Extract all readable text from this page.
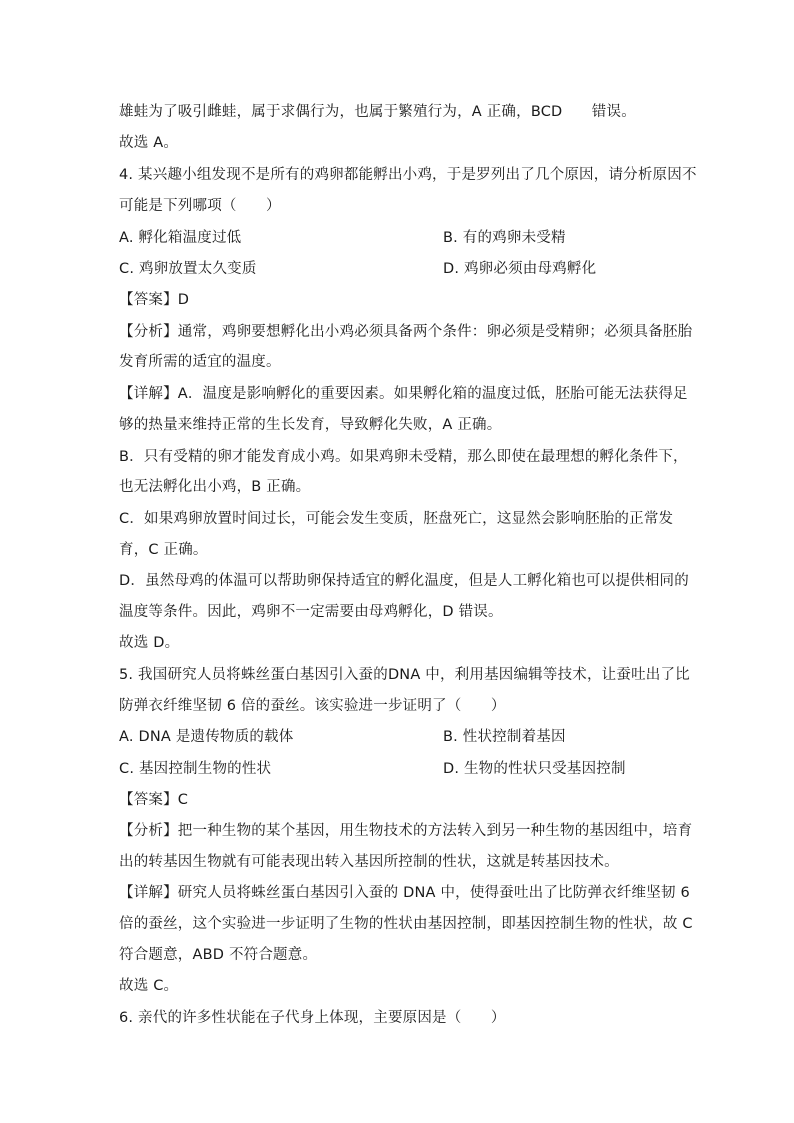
雄蛙为了吸引雌蛙，属于求偶行为，也属于繁殖行为，A 正确，BCD　　错误。
故选 A。
4. 某兴趣小组发现不是所有的鸡卵都能孵出小鸡，于是罗列出了几个原因，请分析原因不
可能是下列哪项（　　）
A. 孵化箱温度过低	B. 有的鸡卵未受精
C. 鸡卵放置太久变质	D. 鸡卵必须由母鸡孵化
【答案】D
【分析】通常，鸡卵要想孵化出小鸡必须具备两个条件：卵必须是受精卵；必须具备胚胎
发育所需的适宜的温度。
【详解】A．温度是影响孵化的重要因素。如果孵化箱的温度过低，胚胎可能无法获得足
够的热量来维持正常的生长发育，导致孵化失败，A 正确。
B．只有受精的卵才能发育成小鸡。如果鸡卵未受精，那么即使在最理想的孵化条件下，
也无法孵化出小鸡，B 正确。
C．如果鸡卵放置时间过长，可能会发生变质，胚盘死亡，这显然会影响胚胎的正常发
育，C 正确。
D．虽然母鸡的体温可以帮助卵保持适宜的孵化温度，但是人工孵化箱也可以提供相同的
温度等条件。因此，鸡卵不一定需要由母鸡孵化，D 错误。
故选 D。
5. 我国研究人员将蛛丝蛋白基因引入蚕的DNA 中，利用基因编辑等技术，让蚕吐出了比
防弹衣纤维坚韧 6 倍的蚕丝。该实验进一步证明了（　　）
A. DNA 是遗传物质的载体	B. 性状控制着基因
C. 基因控制生物的性状	D. 生物的性状只受基因控制
【答案】C
【分析】把一种生物的某个基因，用生物技术的方法转入到另一种生物的基因组中，培育
出的转基因生物就有可能表现出转入基因所控制的性状，这就是转基因技术。
【详解】研究人员将蛛丝蛋白基因引入蚕的 DNA 中，使得蚕吐出了比防弹衣纤维坚韧 6
倍的蚕丝，这个实验进一步证明了生物的性状由基因控制，即基因控制生物的性状，故 C
符合题意，ABD 不符合题意。
故选 C。
6. 亲代的许多性状能在子代身上体现，主要原因是（　　）
